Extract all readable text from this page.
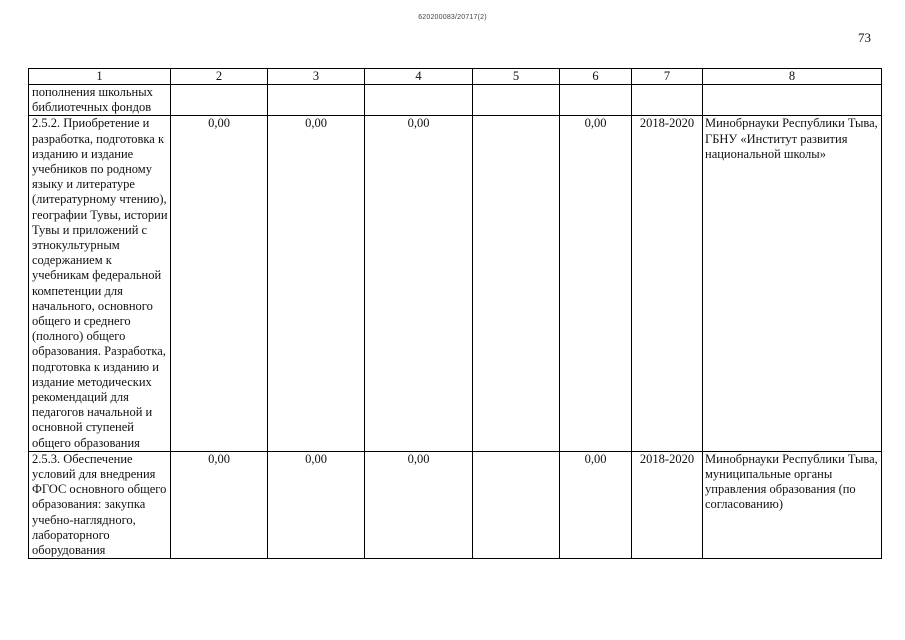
620200083/20717(2)
73
1	2	3	4	5	6	7	8
пополнения школьных библиотечных фондов							
2.5.2. Приобретение и разработка, подготовка к изданию и издание учебников по родному языку и литературе (литературному чтению), географии Тувы, истории Тувы и приложений с этнокультурным содержанием к учебникам федеральной компетенции для начального, основного общего и среднего (полного) общего образования. Разработка, подготовка к изданию и издание методических рекомендаций для педагогов начальной и основной ступеней общего образования	0,00	0,00	0,00		0,00	2018-2020	Минобрнауки Республики Тыва, ГБНУ «Институт развития национальной школы»
2.5.3. Обеспечение условий для внедрения ФГОС основного общего образования: закупка учебно-наглядного, лабораторного оборудования	0,00	0,00	0,00		0,00	2018-2020	Минобрнауки Республики Тыва, муниципальные органы управления образования (по согласованию)
